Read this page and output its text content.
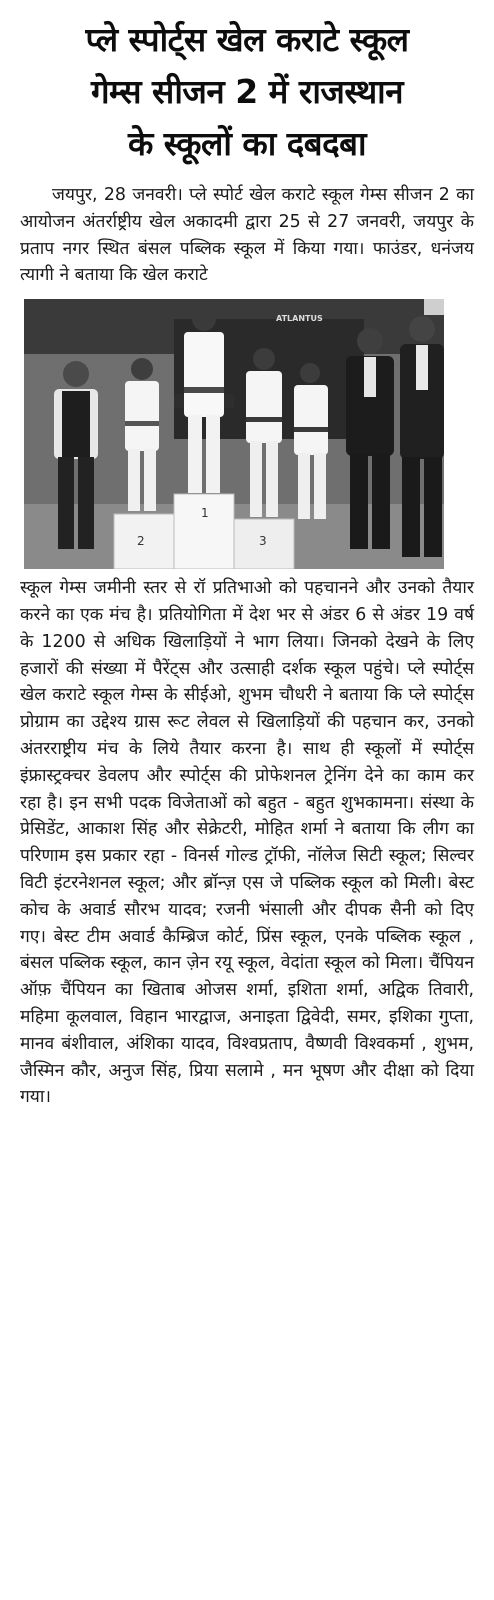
प्ले स्पोर्ट्स खेल कराटे स्कूल
गेम्स सीजन 2 में राजस्थान
के स्कूलों का दबदबा

जयपुर, 28 जनवरी। प्ले स्पोर्ट खेल कराटे स्कूल गेम्स सीजन 2 का आयोजन अंतर्राष्ट्रीय खेल अकादमी द्वारा 25 से 27 जनवरी, जयपुर के प्रताप नगर स्थित बंसल पब्लिक स्कूल में किया गया। फाउंडर, धनंजय त्यागी ने बताया कि खेल कराटे

ATLANTUS
1
2	3

स्कूल गेम्स जमीनी स्तर से रॉ प्रतिभाओ को पहचानने और उनको तैयार करने का एक मंच है। प्रतियोगिता में देश भर से अंडर 6 से अंडर 19 वर्ष के 1200 से अधिक खिलाड़ियों ने भाग लिया। जिनको देखने के लिए हजारों की संख्या में पैरेंट्स और उत्साही दर्शक स्कूल पहुंचे। प्ले स्पोर्ट्स खेल कराटे स्कूल गेम्स के सीईओ, शुभम चौधरी ने बताया कि प्ले स्पोर्ट्स प्रोग्राम का उद्देश्य ग्रास रूट लेवल से खिलाड़ियों की पहचान कर, उनको अंतरराष्ट्रीय मंच के लिये तैयार करना है। साथ ही स्कूलों में स्पोर्ट्स इंफ्रास्ट्रक्चर डेवलप और स्पोर्ट्स की प्रोफेशनल ट्रेनिंग देने का काम कर रहा है। इन सभी पदक विजेताओं को बहुत - बहुत शुभकामना। संस्था के प्रेसिडेंट, आकाश सिंह और सेक्रेटरी, मोहित शर्मा ने बताया कि लीग का परिणाम इस प्रकार रहा - विनर्स गोल्ड ट्रॉफी, नॉलेज सिटी स्कूल; सिल्वर विटी इंटरनेशनल स्कूल; और ब्रॉन्ज़ एस जे पब्लिक स्कूल को मिली। बेस्ट कोच के अवार्ड सौरभ यादव; रजनी भंसाली और दीपक सैनी को दिए गए। बेस्ट टीम अवार्ड कैम्ब्रिज कोर्ट, प्रिंस स्कूल, एनके पब्लिक स्कूल , बंसल पब्लिक स्कूल, कान ज़ेन रयू स्कूल, वेदांता स्कूल को मिला। चैंपियन ऑफ़ चैंपियन का खिताब ओजस शर्मा, इशिता शर्मा, अद्विक तिवारी, महिमा कूलवाल, विहान भारद्वाज, अनाइता द्विवेदी, समर, इशिका गुप्ता, मानव बंशीवाल, अंशिका यादव, विश्वप्रताप, वैष्णवी विश्वकर्मा , शुभम, जैस्मिन कौर, अनुज सिंह, प्रिया सलामे , मन भूषण और दीक्षा को दिया गया।
